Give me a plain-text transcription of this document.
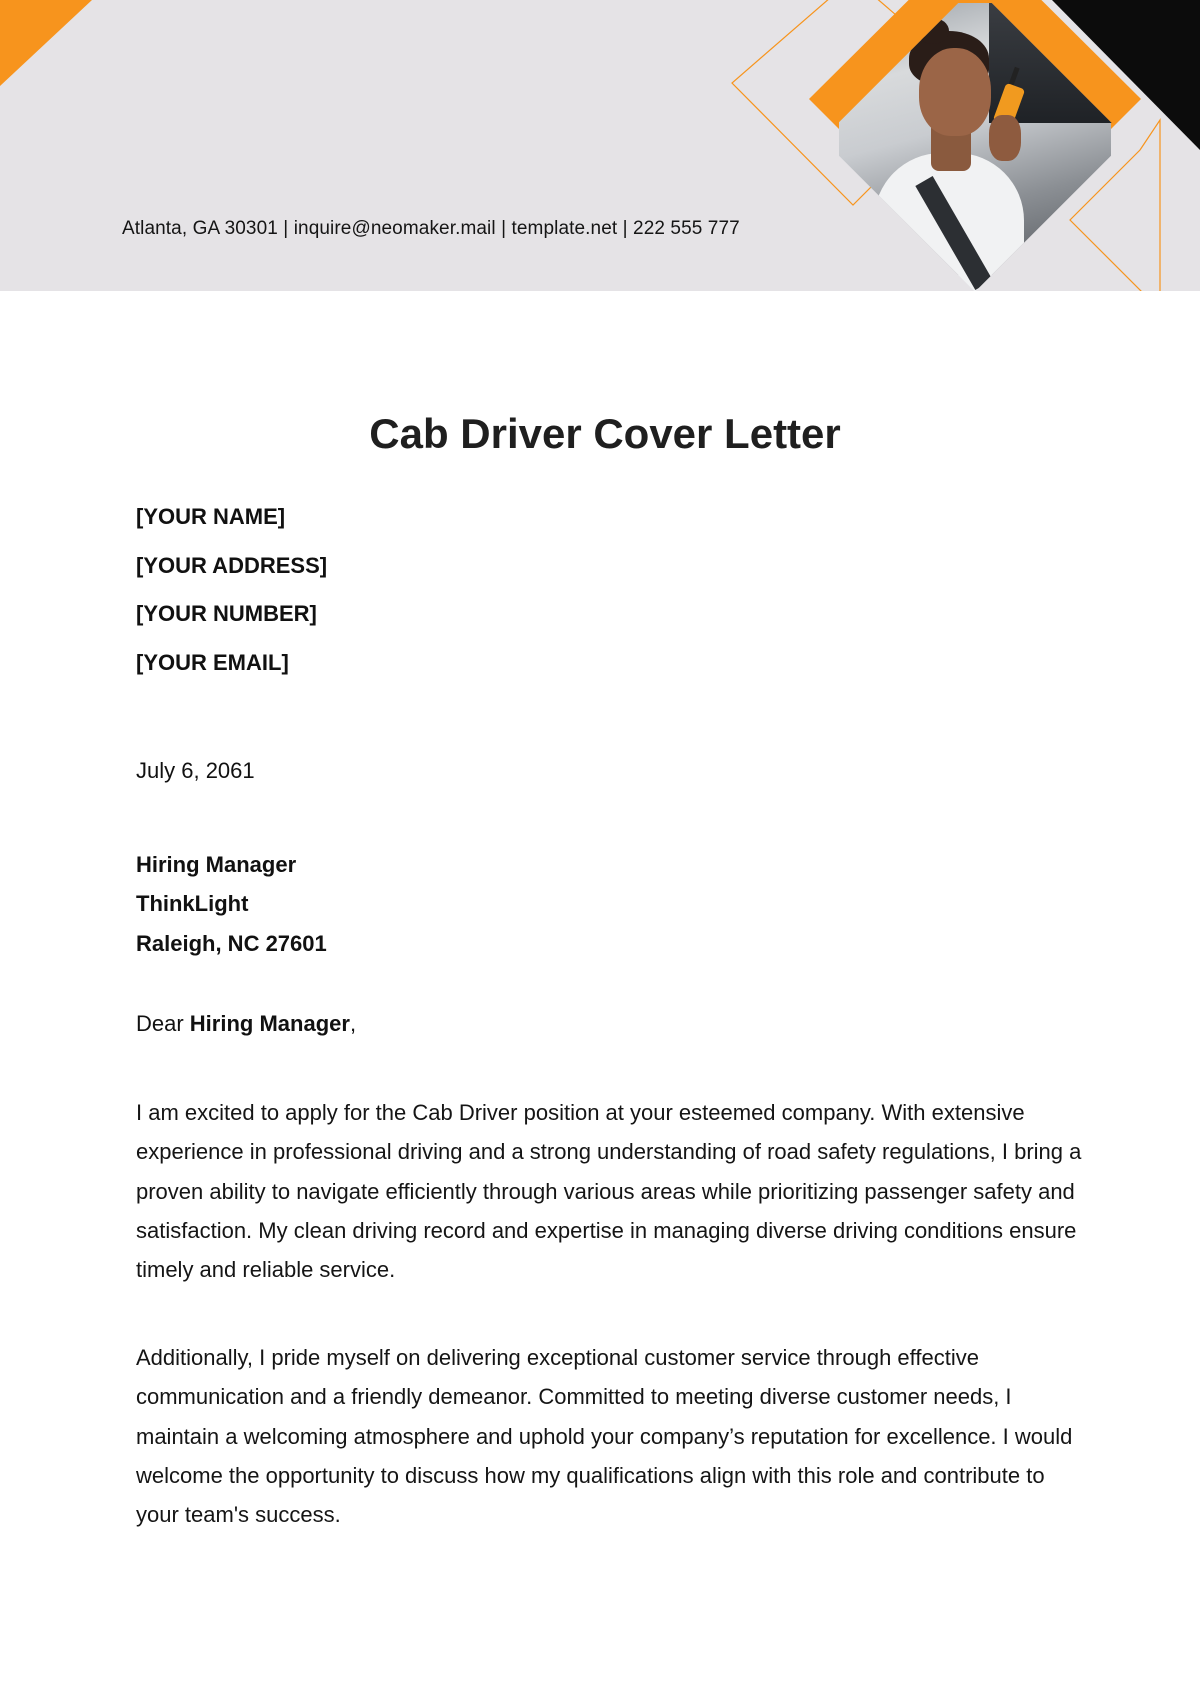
Atlanta, GA 30301 | inquire@neomaker.mail | template.net | 222 555 777
Cab Driver Cover Letter
[YOUR NAME]
[YOUR ADDRESS]
[YOUR NUMBER]
[YOUR EMAIL]
July 6, 2061
Hiring Manager
ThinkLight
Raleigh, NC 27601
Dear Hiring Manager,

I am excited to apply for the Cab Driver position at your esteemed company. With extensive experience in professional driving and a strong understanding of road safety regulations, I bring a proven ability to navigate efficiently through various areas while prioritizing passenger safety and satisfaction. My clean driving record and expertise in managing diverse driving conditions ensure timely and reliable service.

Additionally, I pride myself on delivering exceptional customer service through effective communication and a friendly demeanor. Committed to meeting diverse customer needs, I maintain a welcoming atmosphere and uphold your company’s reputation for excellence. I would welcome the opportunity to discuss how my qualifications align with this role and contribute to your team's success.
